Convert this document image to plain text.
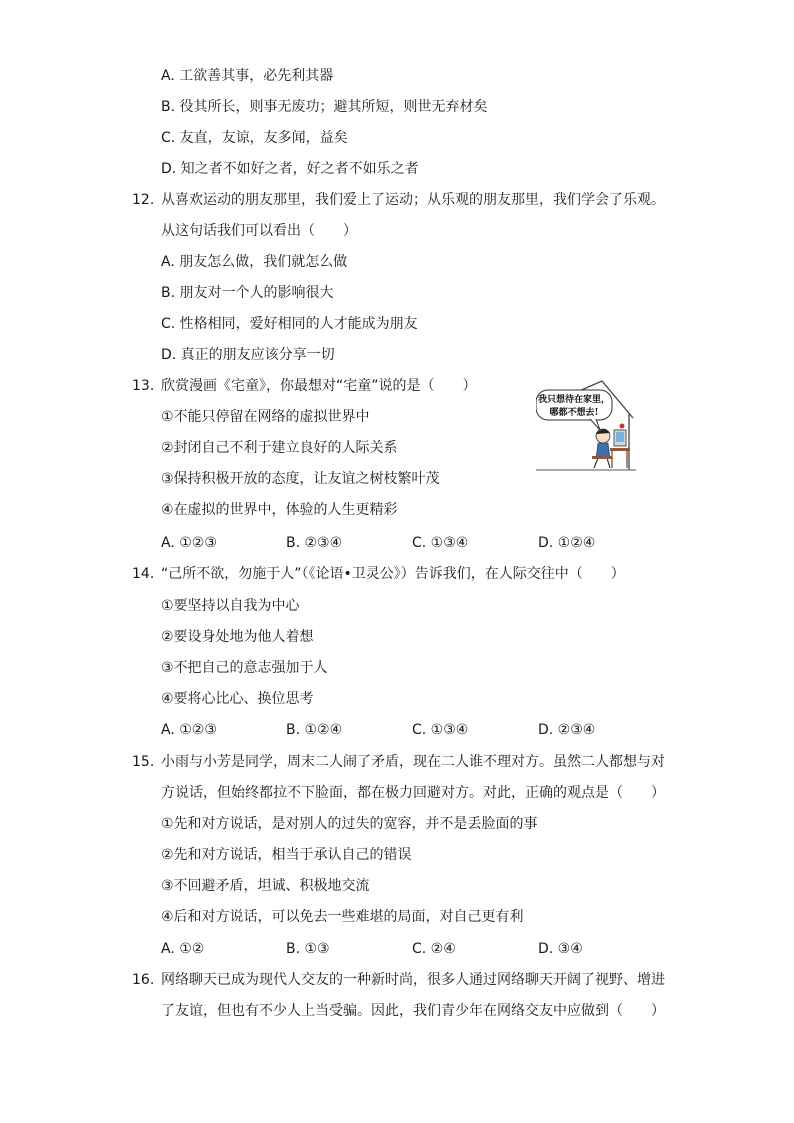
A. 工欲善其事，必先利其器
B. 役其所长，则事无废功；避其所短，则世无弃材矣
C. 友直，友谅，友多闻，益矣
D. 知之者不如好之者，好之者不如乐之者
12. 从喜欢运动的朋友那里，我们爱上了运动；从乐观的朋友那里，我们学会了乐观。
从这句话我们可以看出（　　）
A. 朋友怎么做，我们就怎么做
B. 朋友对一个人的影响很大
C. 性格相同，爱好相同的人才能成为朋友
D. 真正的朋友应该分享一切
13. 欣赏漫画《宅童》，你最想对“宅童”说的是（　　）
①不能只停留在网络的虚拟世界中
②封闭自己不利于建立良好的人际关系
③保持积极开放的态度，让友谊之树枝繁叶茂
④在虚拟的世界中，体验的人生更精彩
A. ①②③	B. ②③④	C. ①③④	D. ①②④
我只想待在家里，
哪都不想去!
14. “己所不欲，勿施于人”（《论语•卫灵公》）告诉我们，在人际交往中（　　）
①要坚持以自我为中心
②要设身处地为他人着想
③不把自己的意志强加于人
④要将心比心、换位思考
A. ①②③	B. ①②④	C. ①③④	D. ②③④
15. 小雨与小芳是同学，周末二人闹了矛盾，现在二人谁不理对方。虽然二人都想与对
方说话，但始终都拉不下脸面，都在极力回避对方。对此，正确的观点是（　　）
①先和对方说话，是对别人的过失的宽容，并不是丢脸面的事
②先和对方说话，相当于承认自己的错误
③不回避矛盾，坦诚、积极地交流
④后和对方说话，可以免去一些难堪的局面，对自己更有利
A. ①②	B. ①③	C. ②④	D. ③④
16. 网络聊天已成为现代人交友的一种新时尚，很多人通过网络聊天开阔了视野、增进
了友谊，但也有不少人上当受骗。因此，我们青少年在网络交友中应做到（　　）
